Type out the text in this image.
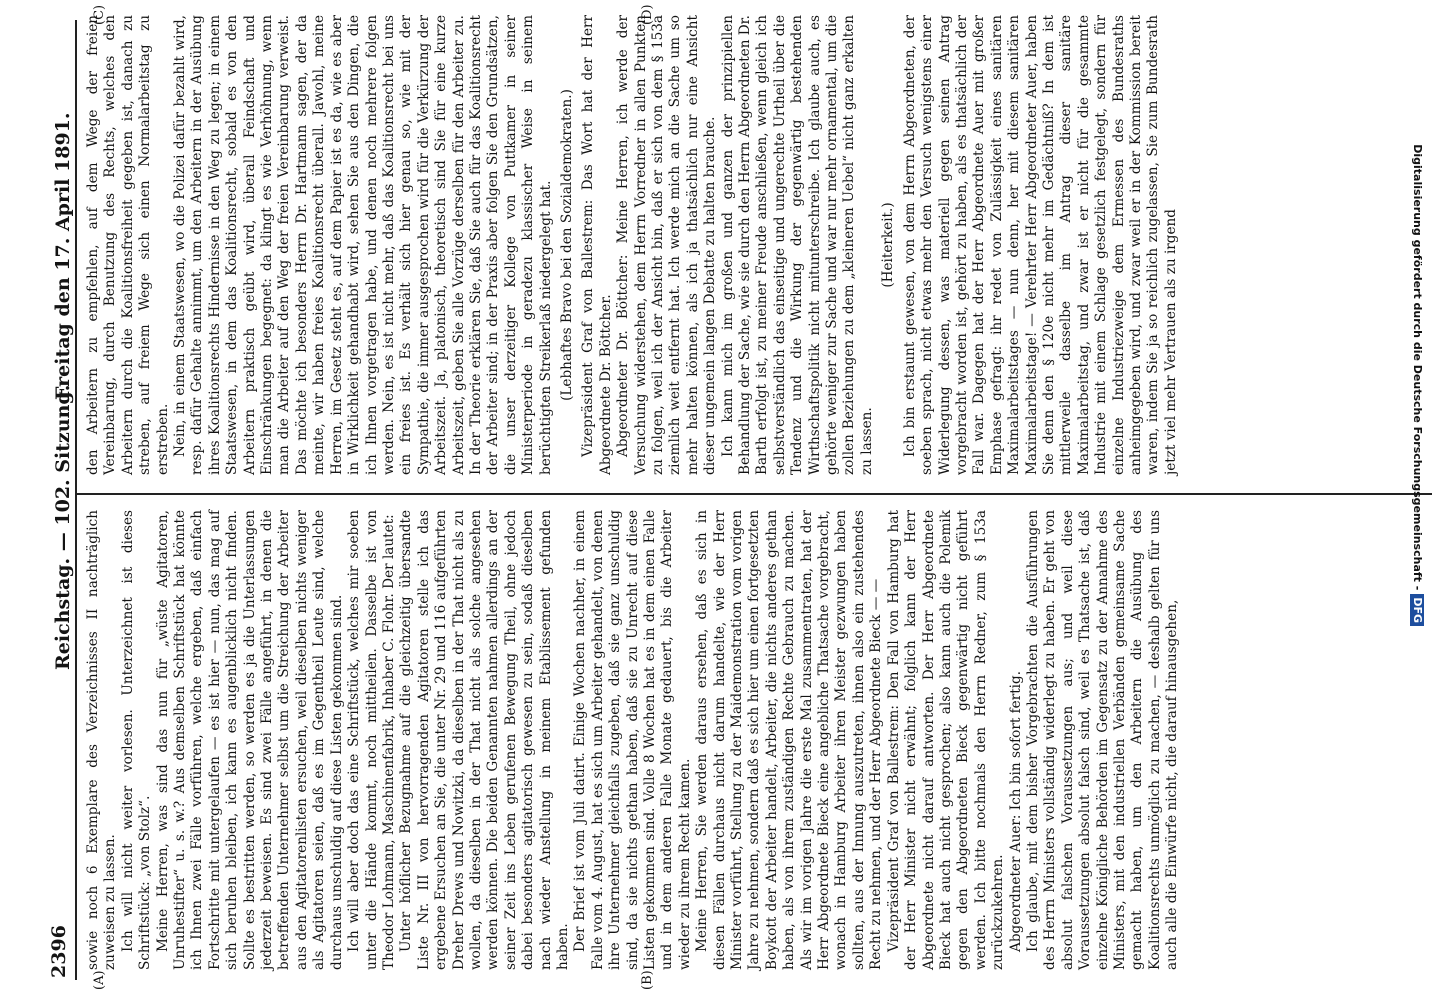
2396
Reichstag. — 102. Sitzung.
Freitag den 17. April 1891.
(A)	(B)
(C)	(D)

sowie noch 6 Exemplare des Verzeichnisses II nachträglich zuweisen zu lassen. Ich will nicht weiter vorlesen. Unterzeichnet ist dieses Schriftstück: „von Stolz“. Meine Herren, was sind das nun für „wüste Agitatoren, Unruhestifter“ u. s. w.? Aus demselben Schriftstück hat könnte ich Ihnen zwei Fälle vorführen, welche ergeben, daß einfach Fortschritte mit untergelaufen — es ist hier — nun, das mag auf sich beruhen bleiben, ich kann es augenblicklich nicht finden. Sollte es bestritten werden, so werden es ja die Unterlassungen jederzeit beweisen. Es sind zwei Fälle angeführt, in denen die betreffenden Unternehmer selbst um die Streichung der Arbeiter aus den Agitatorenlisten ersuchen, weil dieselben nichts weniger als Agitatoren seien, daß es im Gegentheil Leute sind, welche durchaus unschuldig auf diese Listen gekommen sind. Ich will aber doch das eine Schriftstück, welches mir soeben unter die Hände kommt, noch mittheilen. Dasselbe ist von Theodor Lohmann, Maschinenfabrik, Inhaber C. Flohr. Der lautet: Unter höflicher Bezugnahme auf die gleichzeitig übersandte Liste Nr. III von hervorragenden Agitatoren stelle ich das ergebene Ersuchen an Sie, die unter Nr. 29 und 116 aufgeführten Dreher Drews und Nowitzki, da dieselben in der That nicht als zu wollen, da dieselben in der That nicht als solche angesehen werden können. Die beiden Genannten nahmen allerdings an der seiner Zeit ins Leben gerufenen Bewegung Theil, ohne jedoch dabei besonders agitatorisch gewesen zu sein, sodaß dieselben nach wieder Anstellung in meinem Etablissement gefunden haben. Der Brief ist vom Juli datirt. Einige Wochen nachher, in einem Falle vom 4. August, hat es sich um Arbeiter gehandelt, von denen ihre Unternehmer gleichfalls zugeben, daß sie ganz unschuldig sind, da sie nichts gethan haben, daß sie zu Unrecht auf diese Listen gekommen sind. Volle 8 Wochen hat es in dem einen Falle und in dem anderen Falle Monate gedauert, bis die Arbeiter wieder zu ihrem Recht kamen. Meine Herren, Sie werden daraus ersehen, daß es sich in diesen Fällen durchaus nicht darum handelte, wie der Herr Minister vorführt, Stellung zu der Maidemonstration vom vorigen Jahre zu nehmen, sondern daß es sich hier um einen fortgesetzten Boykott der Arbeiter handelt, Arbeiter, die nichts anderes gethan haben, als von ihrem zuständigen Rechte Gebrauch zu machen. Als wir im vorigen Jahre die erste Mal zusammentraten, hat der Herr Abgeordnete Bieck eine angebliche Thatsache vorgebracht, wonach in Hamburg Arbeiter ihren Meister gezwungen haben sollten, aus der Innung auszutreten, ihnen also ein zustehendes Recht zu nehmen, und der Herr Abgeordnete Bieck — — Vizepräsident Graf von Ballestrem: Den Fall von Hamburg hat der Herr Minister nicht erwähnt; folglich kann der Herr Abgeordnete nicht darauf antworten. Der Herr Abgeordnete Bieck hat auch nicht gesprochen; also kann auch die Polemik gegen den Abgeordneten Bieck gegenwärtig nicht geführt werden. Ich bitte nochmals den Herrn Redner, zum § 153a zurückzukehren. Abgeordneter Auer: Ich bin sofort fertig. Ich glaube, mit dem bisher Vorgebrachten die Ausführungen des Herrn Ministers vollständig widerlegt zu haben. Er geht von absolut falschen Voraussetzungen aus; und weil diese Voraussetzungen absolut falsch sind, weil es Thatsache ist, daß einzelne Königliche Behörden im Gegensatz zu der Annahme des Ministers, mit den industriellen Verbänden gemeinsame Sache gemacht haben, um den Arbeitern die Ausübung des Koalitionsrechts unmöglich zu machen, — deshalb gelten für uns auch alle die Einwürfe nicht, die darauf hinausgehen,

den Arbeitern zu empfehlen, auf dem Wege der freien Vereinbarung, durch Benutzung des Rechts, welches den Arbeitern durch die Koalitionsfreiheit gegeben ist, danach zu streben, auf freiem Wege sich einen Normalarbeitstag zu erstreben. Nein, in einem Staatswesen, wo die Polizei dafür bezahlt wird, resp. dafür Gehalte annimmt, um den Arbeitern in der Ausübung ihres Koalitionsrechts Hindernisse in den Weg zu legen; in einem Staatswesen, in dem das Koalitionsrecht, sobald es von den Arbeitern praktisch geübt wird, überall Feindschaft und Einschränkungen begegnet: da klingt es wie Verhöhnung, wenn man die Arbeiter auf den Weg der freien Vereinbarung verweist. Das möchte ich besonders Herrn Dr. Hartmann sagen, der da meinte, wir haben freies Koalitionsrecht überall. Jawohl, meine Herren, im Gesetz steht es, auf dem Papier ist es da, wie es aber in Wirklichkeit gehandhabt wird, sehen Sie aus den Dingen, die ich Ihnen vorgetragen habe, und denen noch mehrere folgen werden. Nein, es ist nicht mehr, daß das Koalitionsrecht bei uns ein freies ist. Es verhält sich hier genau so, wie mit der Sympathie, die immer ausgesprochen wird für die Verkürzung der Arbeitszeit. Ja, platonisch, theoretisch sind Sie für eine kurze Arbeitszeit, geben Sie alle Vorzüge derselben für den Arbeiter zu. In der Theorie erklären Sie, daß Sie auch für das Koalitionsrecht der Arbeiter sind; in der Praxis aber folgen Sie den Grundsätzen, die unser derzeitiger Kollege von Puttkamer in seiner Ministerperiode in geradezu klassischer Weise in seinem berüchtigten Streikerlaß niedergelegt hat. (Lebhaftes Bravo bei den Sozialdemokraten.) Vizepräsident Graf von Ballestrem: Das Wort hat der Herr Abgeordnete Dr. Böttcher. Abgeordneter Dr. Böttcher: Meine Herren, ich werde der Versuchung widerstehen, dem Herrn Vorredner in allen Punkten zu folgen, weil ich der Ansicht bin, daß er sich von dem § 153a ziemlich weit entfernt hat. Ich werde mich an die Sache um so mehr halten können, als ich ja thatsächlich nur eine Ansicht dieser ungemein langen Debatte zu halten brauche. Ich kann mich im großen und ganzen der prinzipiellen Behandlung der Sache, wie sie durch den Herrn Abgeordneten Dr. Barth erfolgt ist, zu meiner Freude anschließen, wenn gleich ich selbstverständlich das einseitige und ungerechte Urtheil über die Tendenz und die Wirkung der gegenwärtig bestehenden Wirthschaftspolitik nicht mitunterschreibe. Ich glaube auch, es gehörte weniger zur Sache und war nur mehr ornamental, um die zollen Beziehungen zu dem „kleineren Uebel“ nicht ganz erkalten zu lassen.

(Heiterkeit.) Ich bin erstaunt gewesen, von dem Herrn Abgeordneten, der soeben sprach, nicht etwas mehr den Versuch wenigstens einer Widerlegung dessen, was materiell gegen seinen Antrag vorgebracht worden ist, gehört zu haben, als es thatsächlich der Fall war. Dagegen hat der Herr Abgeordnete Auer mit großer Emphase gefragt: ihr redet von Zulässigkeit eines sanitären Maximalarbeitstages — nun denn, her mit diesem sanitären Maximalarbeitstage! — Verehrter Herr Abgeordneter Auer, haben Sie denn den § 120e nicht mehr im Gedächtniß? In dem ist mittlerweile dasselbe im Antrag dieser sanitäre Maximalarbeitstag, und zwar ist er nicht für die gesammte Industrie mit einem Schlage gesetzlich festgelegt, sondern für einzelne Industriezweige dem Ermessen des Bundesraths anheimgegeben wird, und zwar weil er in der Kommission bereit waren, indem Sie ja so reichlich zugelassen, Sie zum Bundesrath jetzt viel mehr Vertrauen als zu irgend	Digitalisierung gefördert durch die Deutsche Forschungsgemeinschaft -DFG
